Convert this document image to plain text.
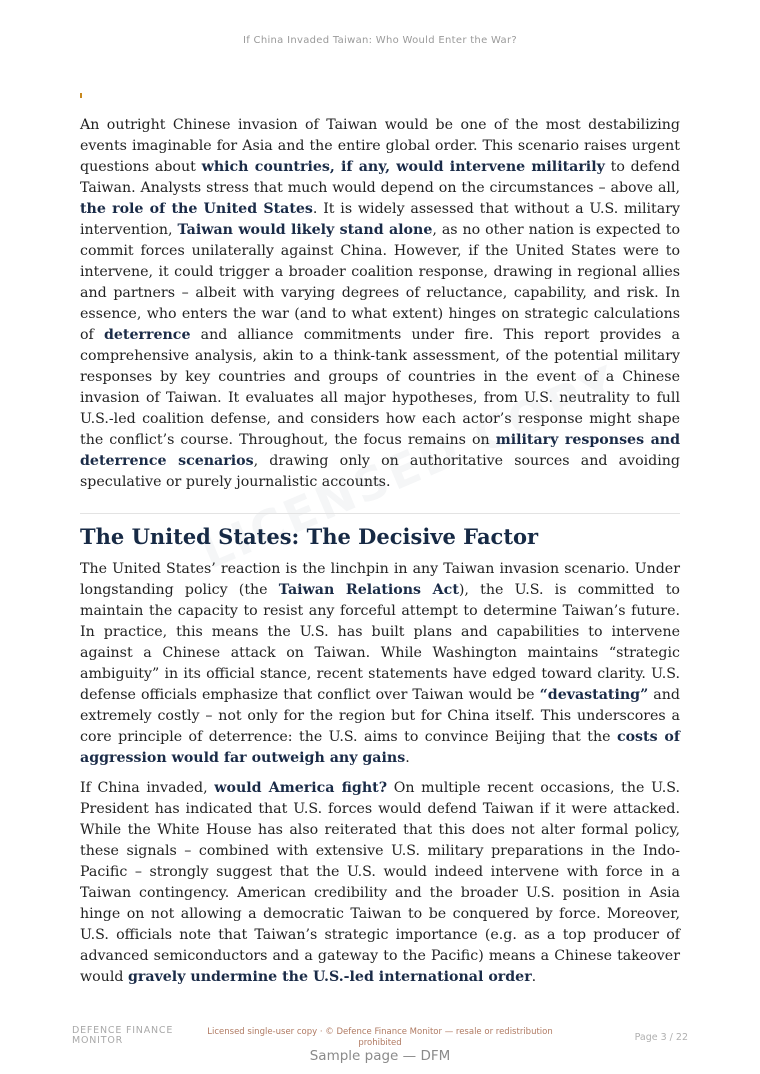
If China Invaded Taiwan: Who Would Enter the War?

An outright Chinese invasion of Taiwan would be one of the most destabilizing events imaginable for Asia and the entire global order. This scenario raises urgent questions about which countries, if any, would intervene militarily to defend Taiwan. Analysts stress that much would depend on the circumstances – above all, the role of the United States. It is widely assessed that without a U.S. military intervention, Taiwan would likely stand alone, as no other nation is expected to commit forces unilaterally against China. However, if the United States were to intervene, it could trigger a broader coalition response, drawing in regional allies and partners – albeit with varying degrees of reluctance, capability, and risk. In essence, who enters the war (and to what extent) hinges on strategic calculations of deterrence and alliance commitments under fire. This report provides a comprehensive analysis, akin to a think-tank assessment, of the potential military responses by key countries and groups of countries in the event of a Chinese invasion of Taiwan. It evaluates all major hypotheses, from U.S. neutrality to full U.S.-led coalition defense, and considers how each actor’s response might shape the conflict’s course. Throughout, the focus remains on military responses and deterrence scenarios, drawing only on authoritative sources and avoiding speculative or purely journalistic accounts.

The United States: The Decisive Factor

The United States’ reaction is the linchpin in any Taiwan invasion scenario. Under longstanding policy (the Taiwan Relations Act), the U.S. is committed to maintain the capacity to resist any forceful attempt to determine Taiwan’s future. In practice, this means the U.S. has built plans and capabilities to intervene against a Chinese attack on Taiwan. While Washington maintains “strategic ambiguity” in its official stance, recent statements have edged toward clarity. U.S. defense officials emphasize that conflict over Taiwan would be “devastating” and extremely costly – not only for the region but for China itself. This underscores a core principle of deterrence: the U.S. aims to convince Beijing that the costs of aggression would far outweigh any gains.

If China invaded, would America fight? On multiple recent occasions, the U.S. President has indicated that U.S. forces would defend Taiwan if it were attacked. While the White House has also reiterated that this does not alter formal policy, these signals – combined with extensive U.S. military preparations in the Indo-Pacific – strongly suggest that the U.S. would indeed intervene with force in a Taiwan contingency. American credibility and the broader U.S. position in Asia hinge on not allowing a democratic Taiwan to be conquered by force. Moreover, U.S. officials note that Taiwan’s strategic importance (e.g. as a top producer of advanced semiconductors and a gateway to the Pacific) means a Chinese takeover would gravely undermine the U.S.-led international order.

DEFENCE FINANCE
MONITOR
Licensed single-user copy · © Defence Finance Monitor — resale or redistribution prohibited	Page 3 / 22
Sample page — DFM
